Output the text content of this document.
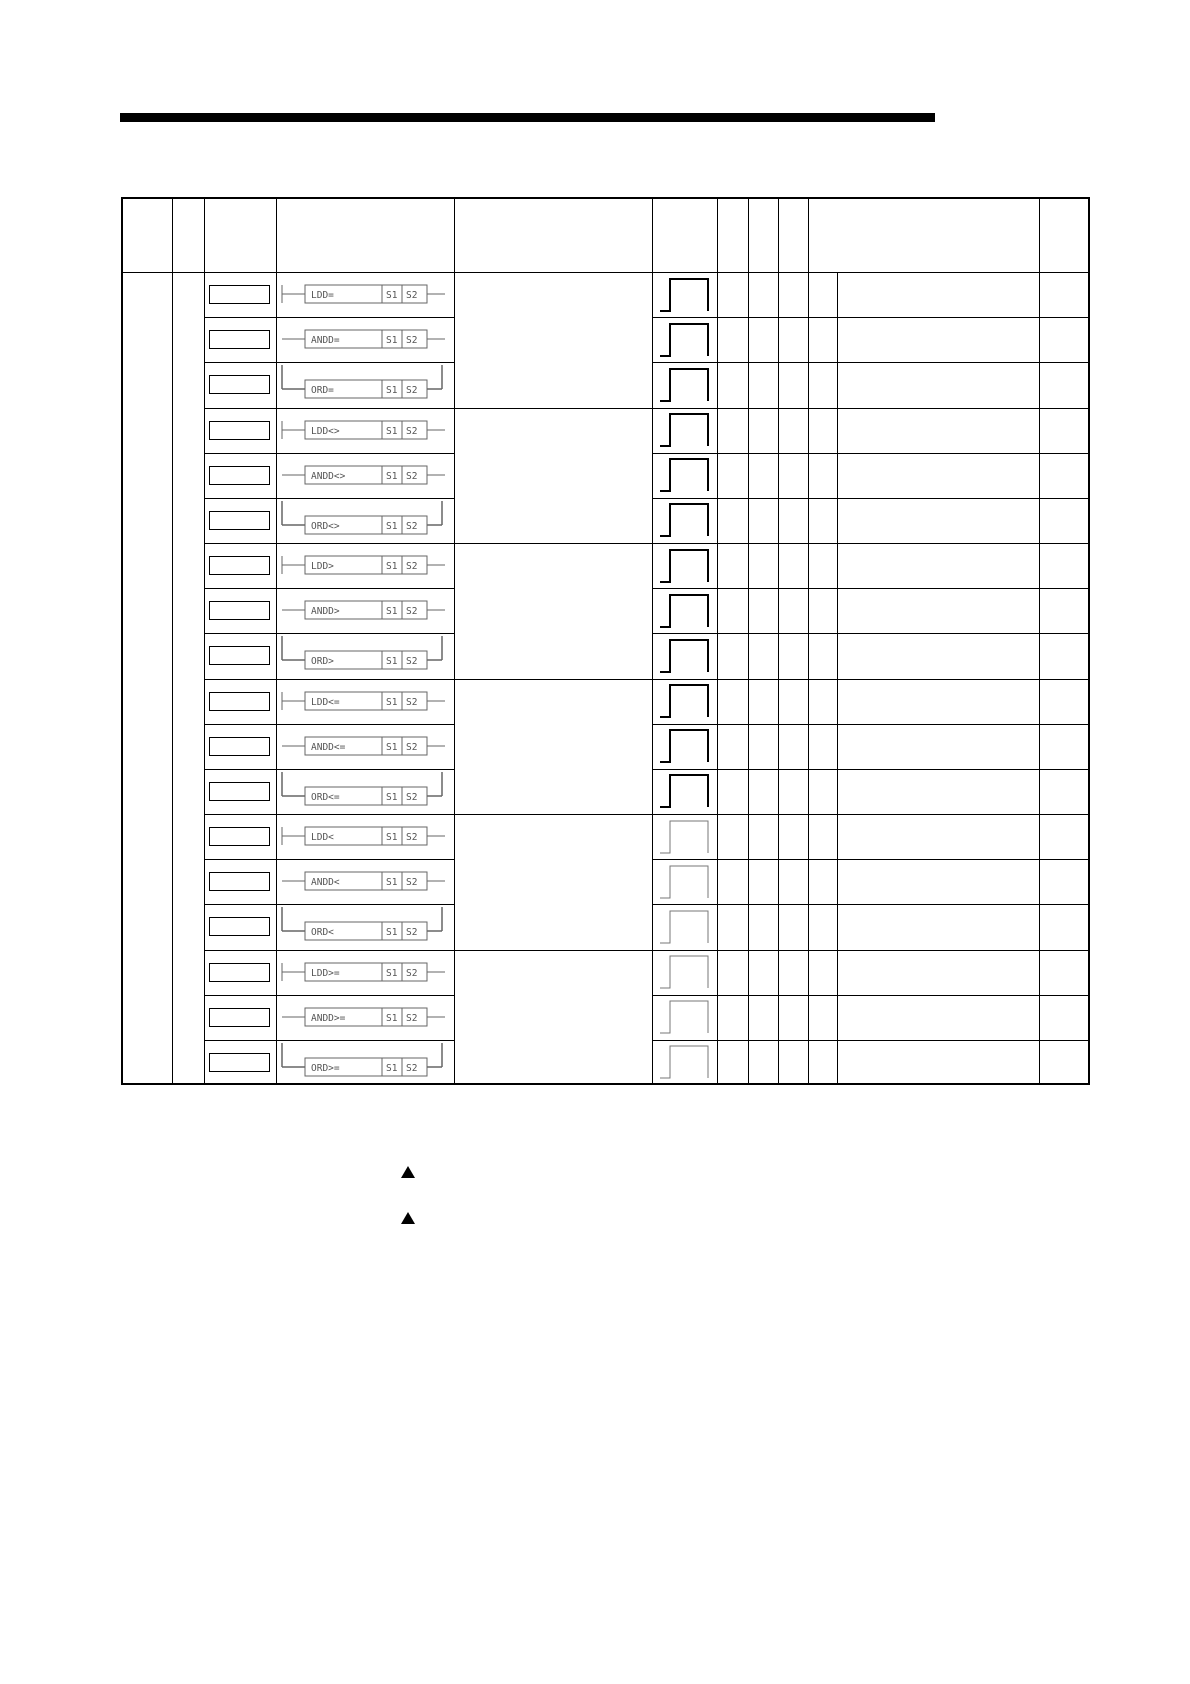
LDD=	S1 S2
ANDD=	S1 S2
ORD=	S1 S2
LDD<>	S1 S2
ANDD<>	S1 S2
ORD<>	S1 S2
LDD>	S1 S2
ANDD>	S1 S2
ORD>	S1 S2
LDD<=	S1 S2
ANDD<=	S1 S2
ORD<=	S1 S2
LDD<	S1 S2
ANDD<	S1 S2
ORD<	S1 S2
LDD>=	S1 S2
ANDD>=	S1 S2
ORD>=	S1 S2
